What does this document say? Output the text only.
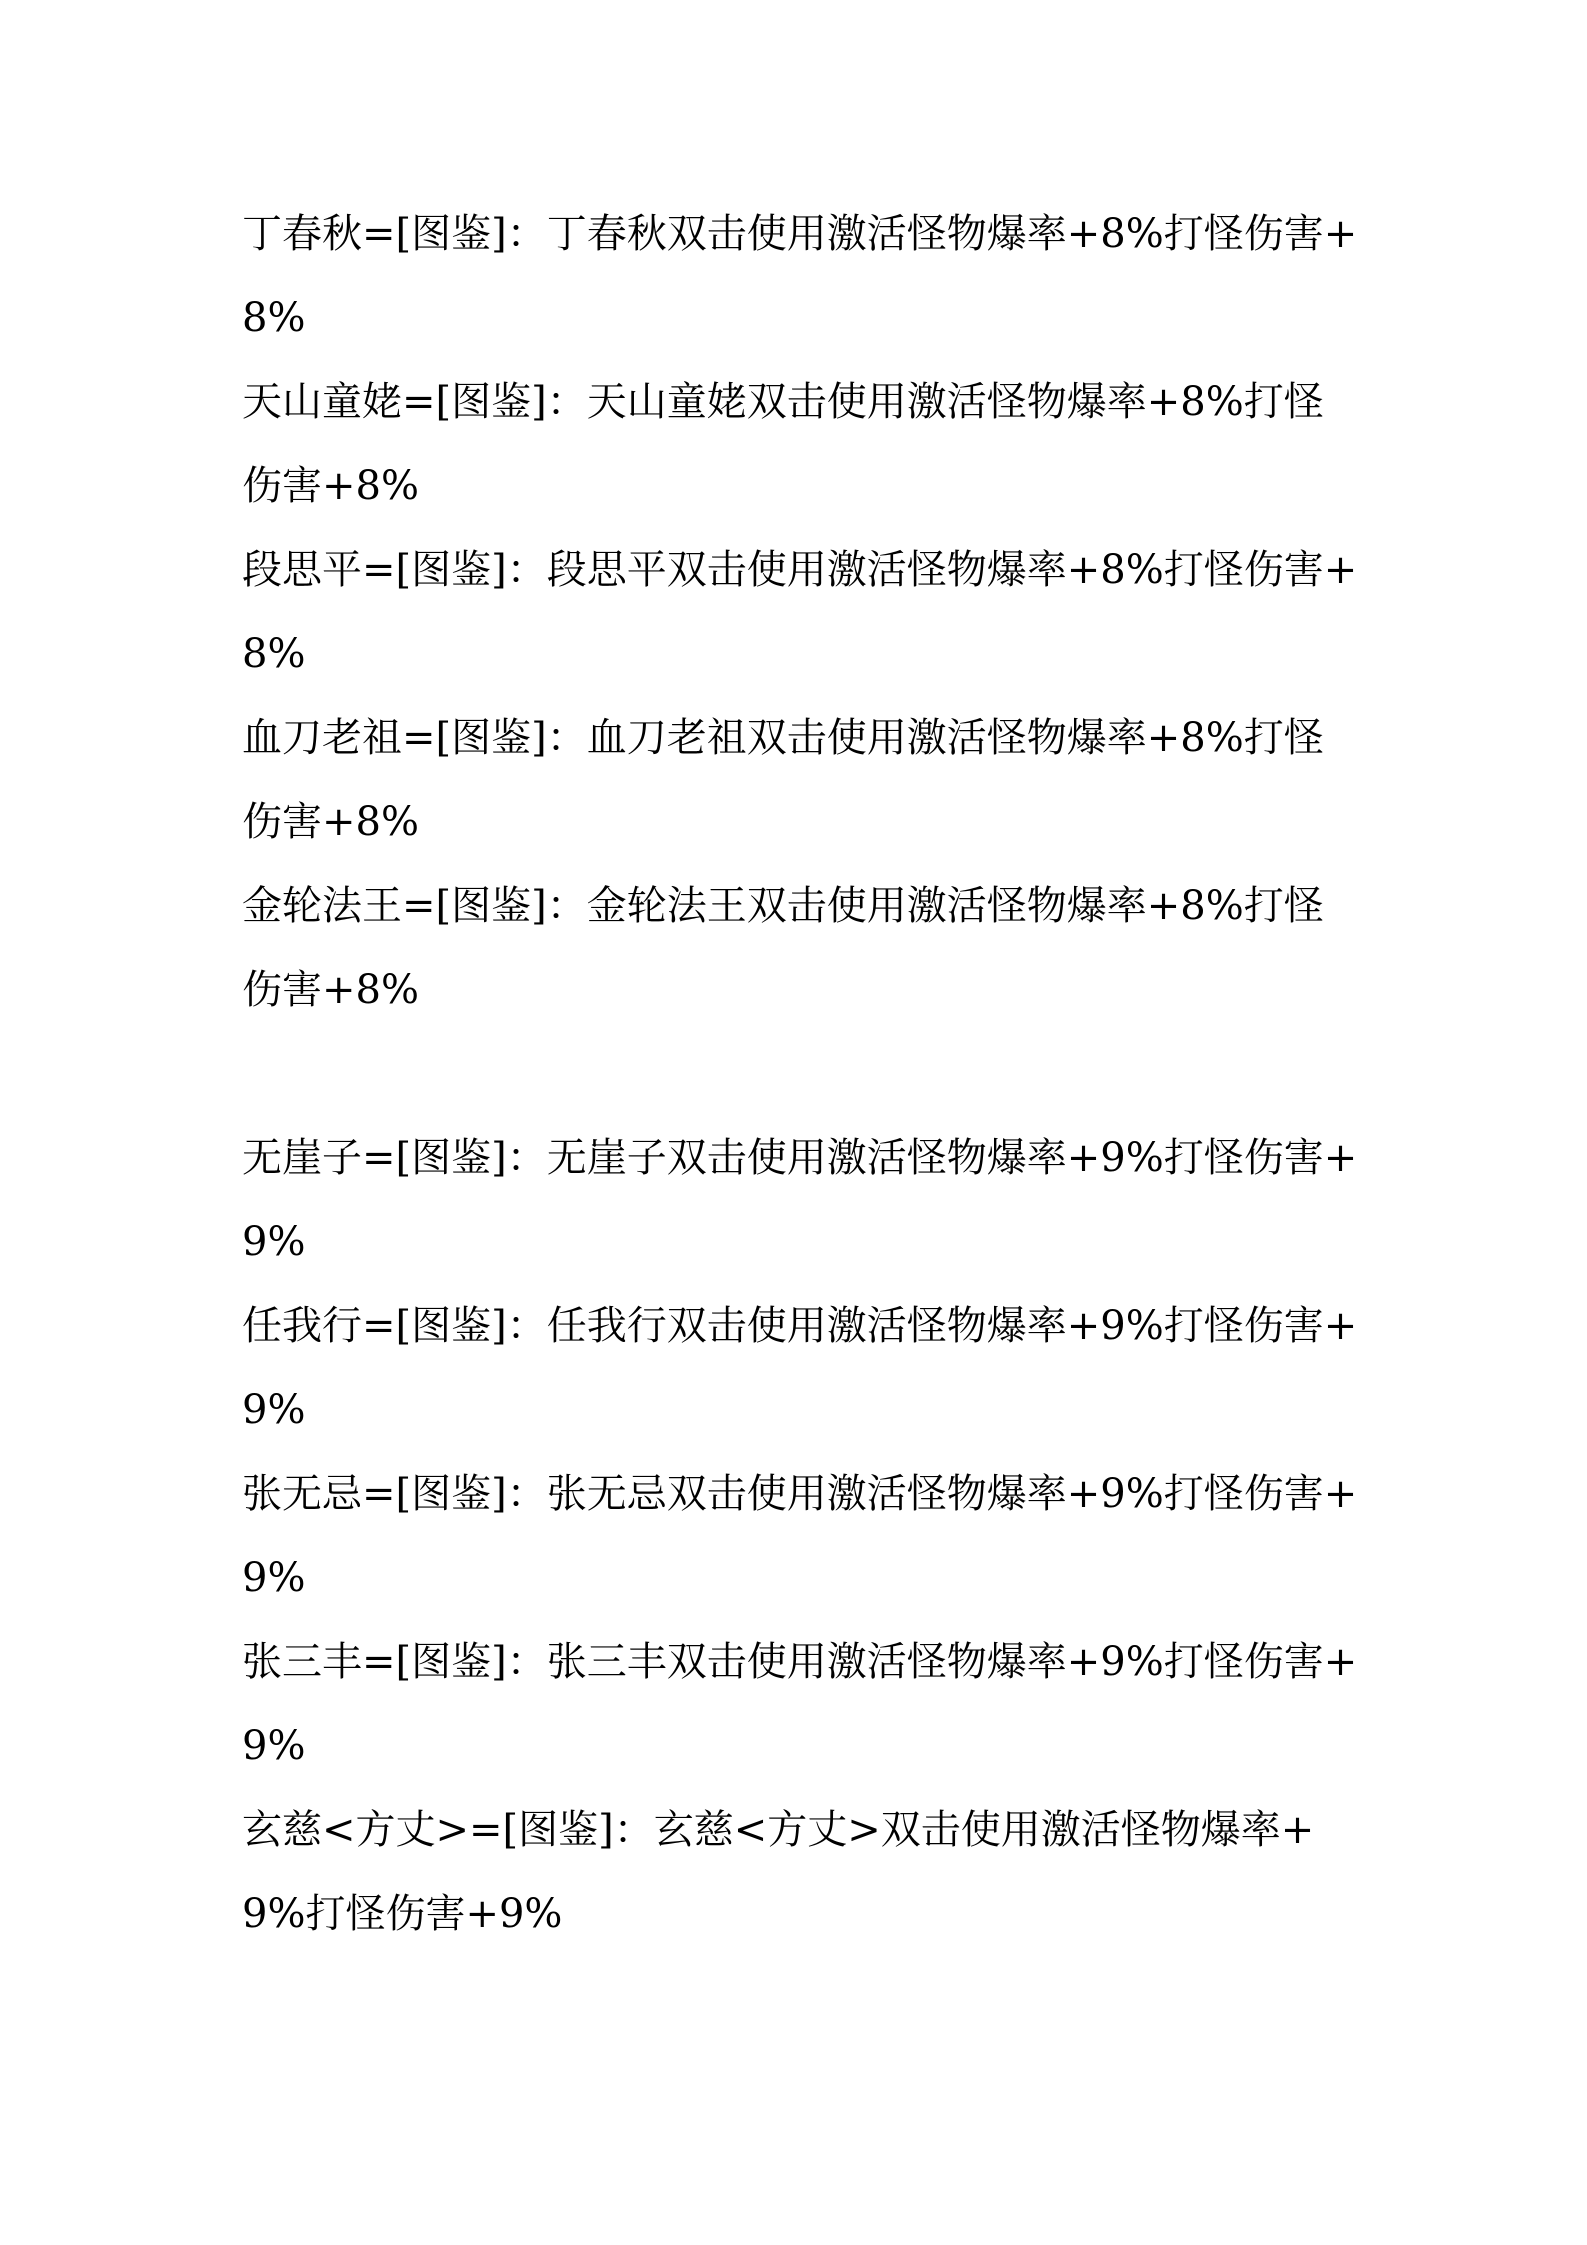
丁春秋=[图鉴]：丁春秋双击使用激活怪物爆率+8%打怪伤害+8%

天山童姥=[图鉴]：天山童姥双击使用激活怪物爆率+8%打怪伤害+8%

段思平=[图鉴]：段思平双击使用激活怪物爆率+8%打怪伤害+8%

血刀老祖=[图鉴]：血刀老祖双击使用激活怪物爆率+8%打怪伤害+8%

金轮法王=[图鉴]：金轮法王双击使用激活怪物爆率+8%打怪伤害+8%

无崖子=[图鉴]：无崖子双击使用激活怪物爆率+9%打怪伤害+9%

任我行=[图鉴]：任我行双击使用激活怪物爆率+9%打怪伤害+9%

张无忌=[图鉴]：张无忌双击使用激活怪物爆率+9%打怪伤害+9%

张三丰=[图鉴]：张三丰双击使用激活怪物爆率+9%打怪伤害+9%

玄慈<方丈>=[图鉴]：玄慈<方丈>双击使用激活怪物爆率+9%打怪伤害+9%
